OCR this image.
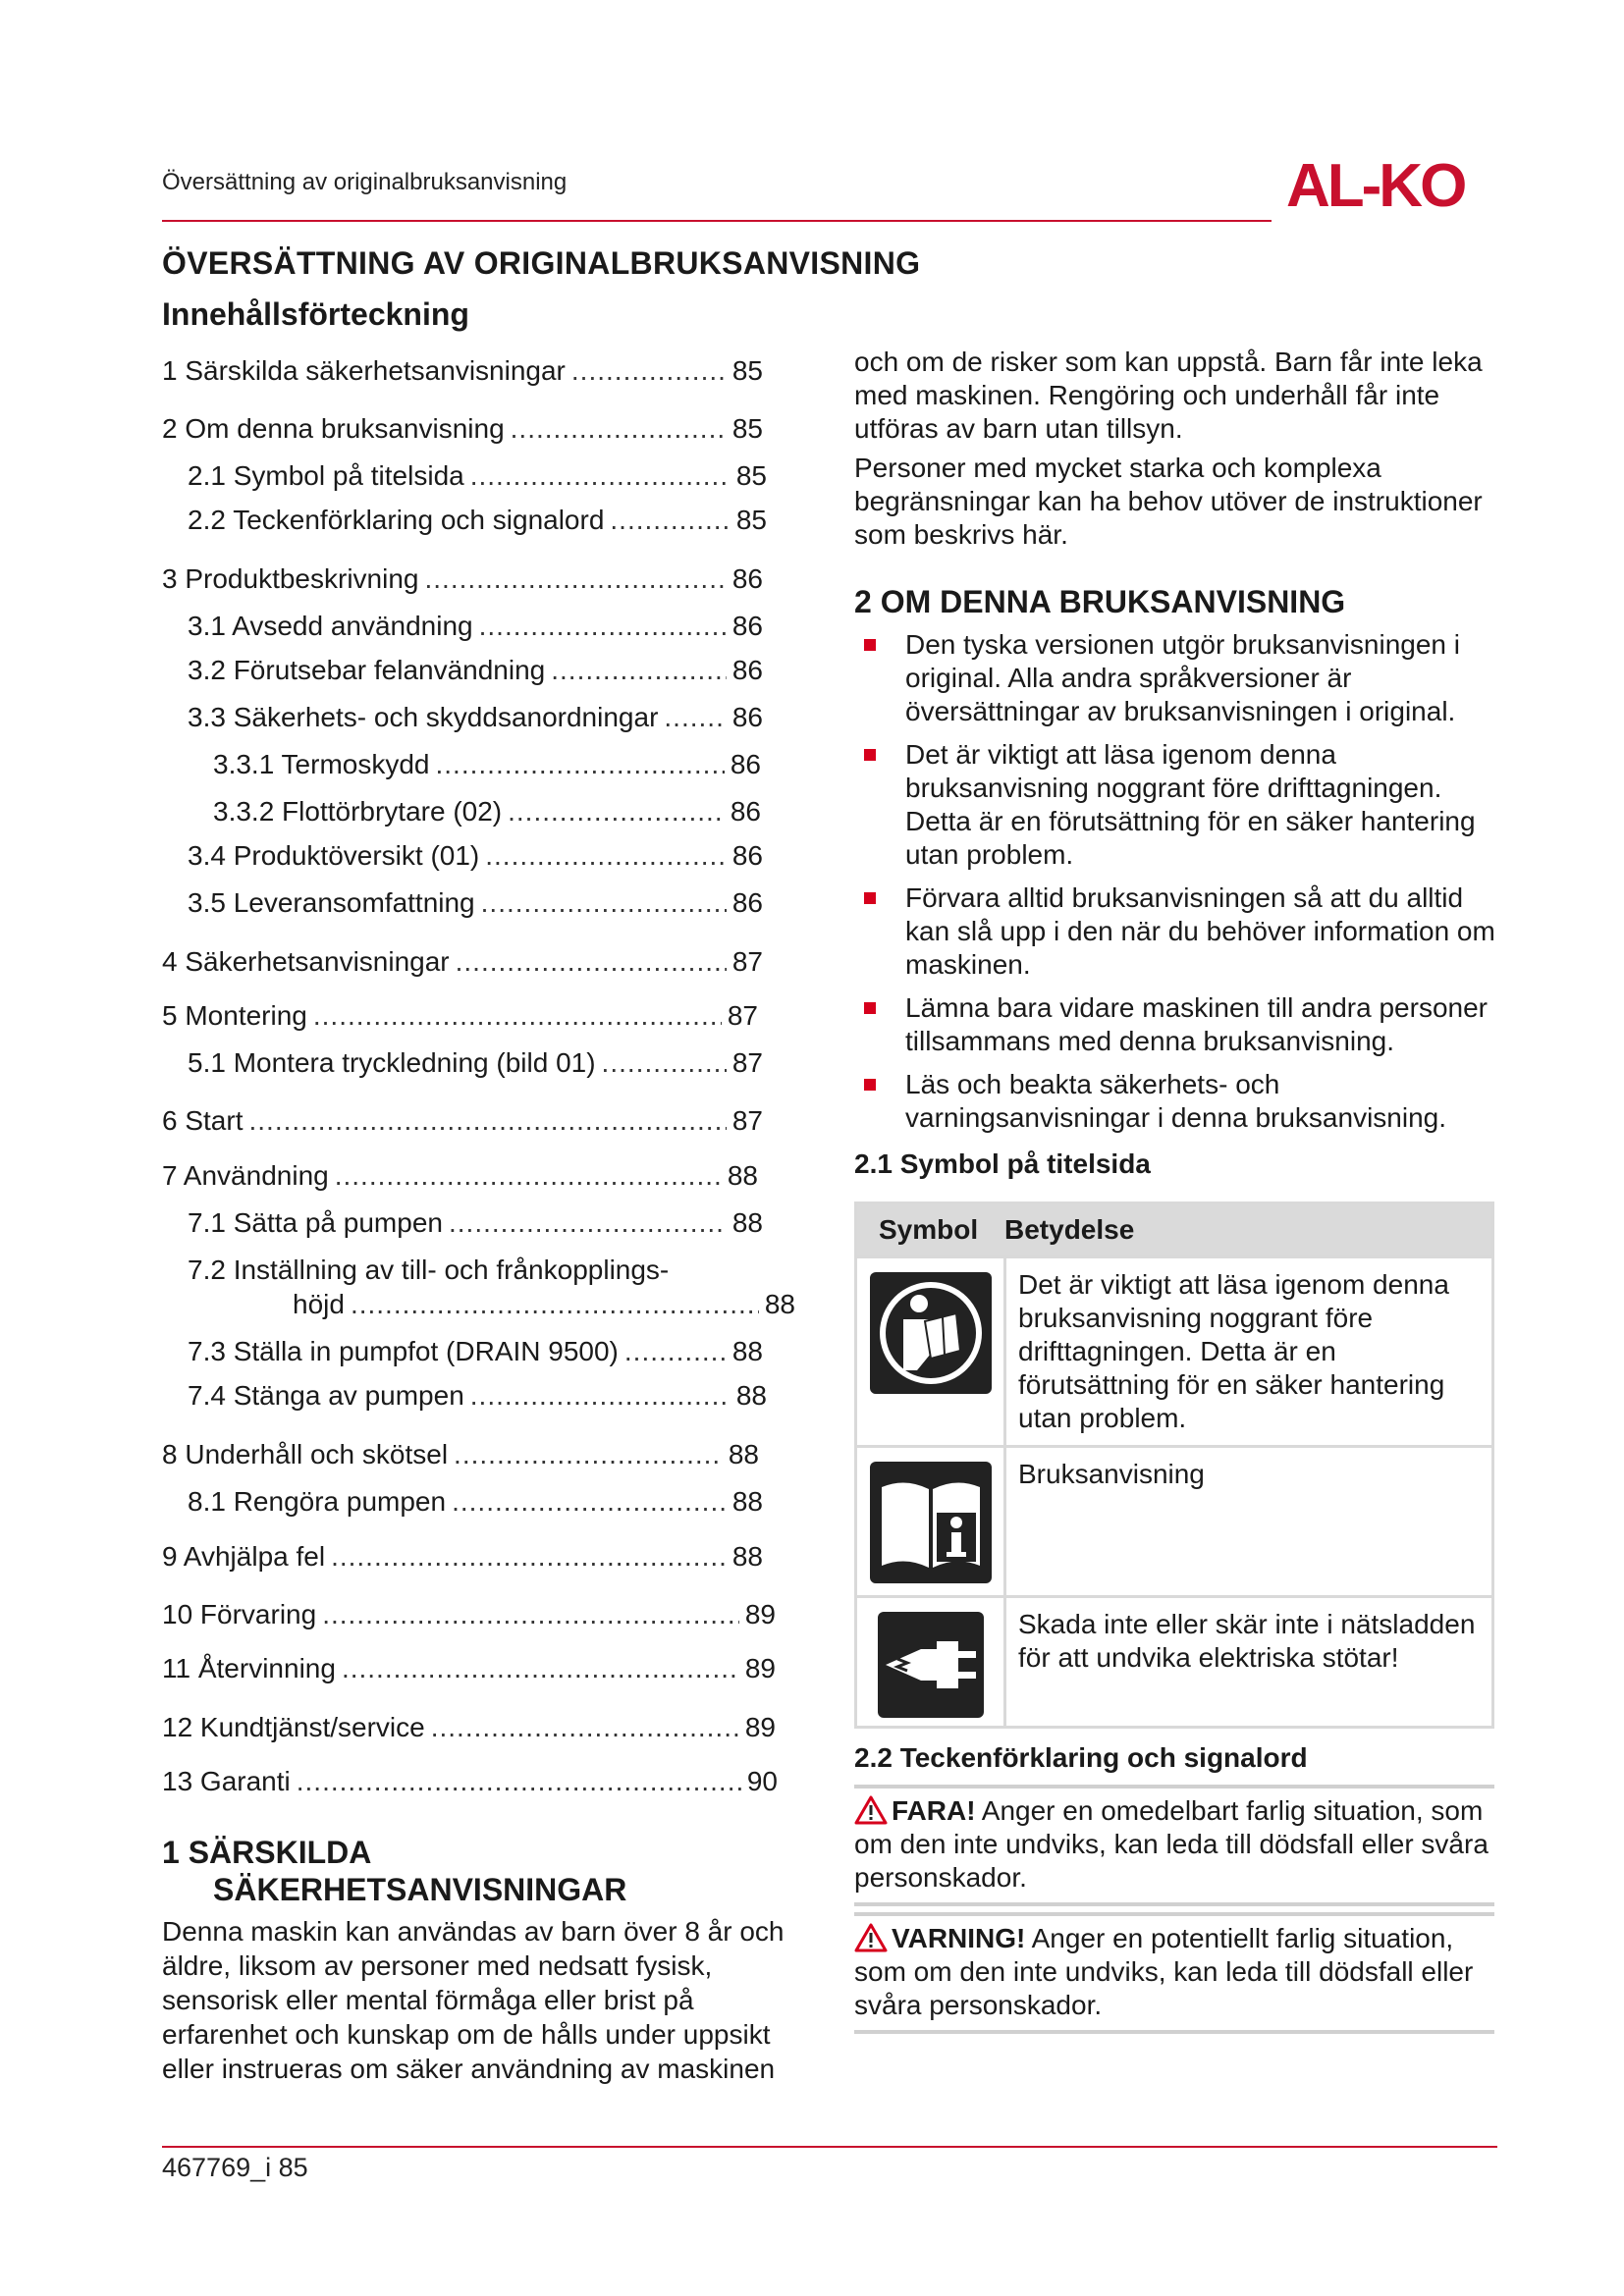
Översättning av originalbruksanvisning	AL-KO
ÖVERSÄTTNING AV ORIGINALBRUKSANVISNING
Innehållsförteckning
1 Särskilda säkerhetsanvisningar .....	85
2 Om denna bruksanvisning .....	85
2.1 Symbol på titelsida .....	85
2.2 Teckenförklaring och signalord .....	85
3 Produktbeskrivning .....	86
3.1 Avsedd användning .....	86
3.2 Förutsebar felanvändning .....	86
3.3 Säkerhets- och skyddsanordningar .....	86
3.3.1 Termoskydd .....	86
3.3.2 Flottörbrytare (02) .....	86
3.4 Produktöversikt (01) .....	86
3.5 Leveransomfattning .....	86
4 Säkerhetsanvisningar .....	87
5 Montering .....	87
5.1 Montera tryckledning (bild 01) .....	87
6 Start .....	87
7 Användning .....	88
7.1 Sätta på pumpen .....	88
7.2 Inställning av till- och frånkopplings-
höjd .....	88
7.3 Ställa in pumpfot (DRAIN 9500) .....	88
7.4 Stänga av pumpen .....	88
8 Underhåll och skötsel .....	88
8.1 Rengöra pumpen .....	88
9 Avhjälpa fel .....	88
10 Förvaring .....	89
11 Återvinning .....	89
12 Kundtjänst/service .....	89
13 Garanti .....	90
1 SÄRSKILDA
SÄKERHETSANVISNINGAR
Denna maskin kan användas av barn över 8 år och äldre, liksom av personer med nedsatt fysisk, sensorisk eller mental förmåga eller brist på erfarenhet och kunskap om de hålls under uppsikt eller instrueras om säker användning av maskinen
och om de risker som kan uppstå. Barn får inte leka med maskinen. Rengöring och underhåll får inte utföras av barn utan tillsyn.
Personer med mycket starka och komplexa begränsningar kan ha behov utöver de instruktioner som beskrivs här.
2 OM DENNA BRUKSANVISNING
Den tyska versionen utgör bruksanvisningen i original. Alla andra språkversioner är översättningar av bruksanvisningen i original.
Det är viktigt att läsa igenom denna bruksanvisning noggrant före drifttagningen. Detta är en förutsättning för en säker hantering utan problem.
Förvara alltid bruksanvisningen så att du alltid kan slå upp i den när du behöver information om maskinen.
Lämna bara vidare maskinen till andra personer tillsammans med denna bruksanvisning.
Läs och beakta säkerhets- och varningsanvisningar i denna bruksanvisning.
2.1 Symbol på titelsida
Symbol Betydelse
Det är viktigt att läsa igenom denna bruksanvisning noggrant före drifttagningen. Detta är en förutsättning för en säker hantering utan problem.
Bruksanvisning
Skada inte eller skär inte i nätsladden för att undvika elektriska stötar!
2.2 Teckenförklaring och signalord
FARA! Anger en omedelbart farlig situation, som om den inte undviks, kan leda till dödsfall eller svåra personskador.
VARNING! Anger en potentiellt farlig situation, som om den inte undviks, kan leda till dödsfall eller svåra personskador.
467769_i 85
